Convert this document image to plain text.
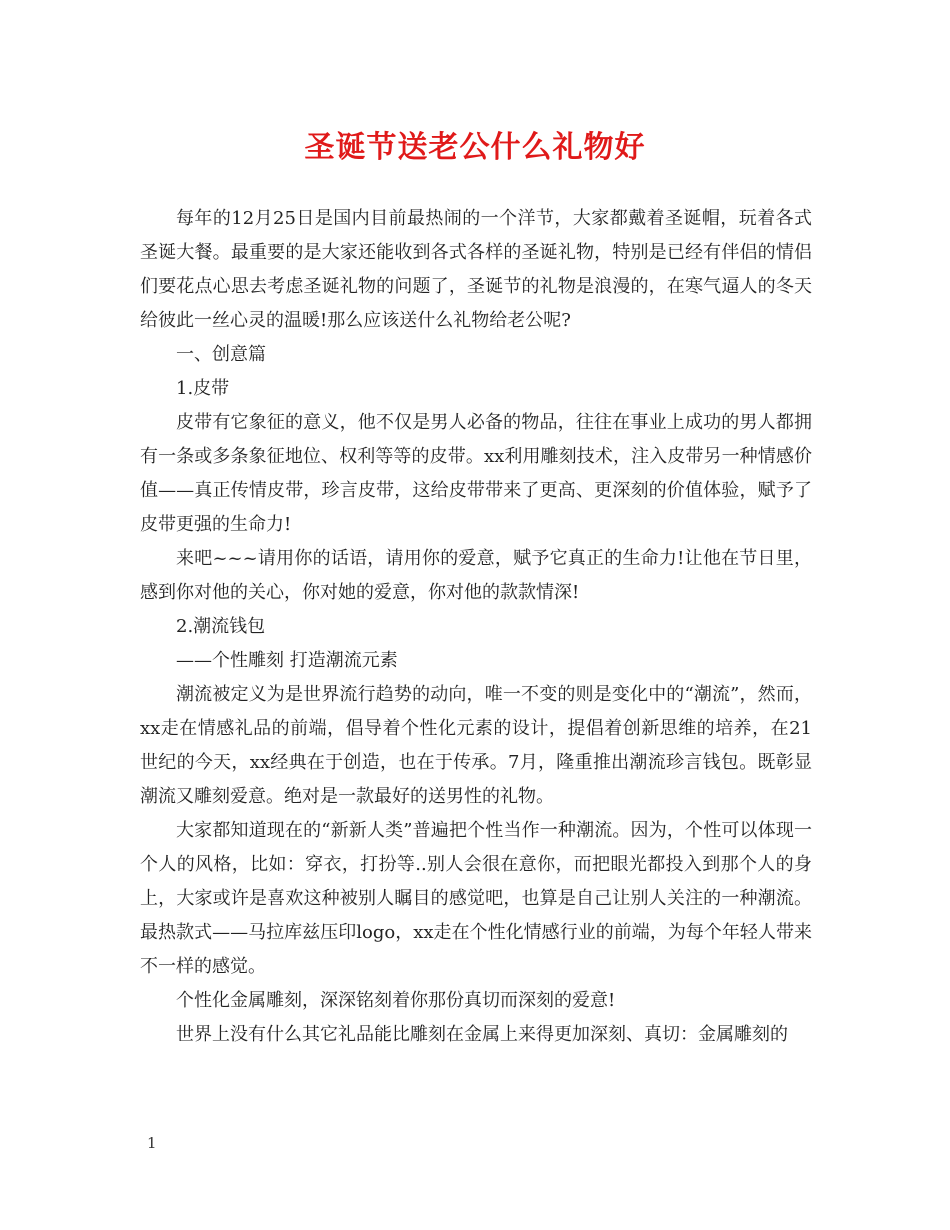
圣诞节送老公什么礼物好

每年的12月25日是国内目前最热闹的一个洋节，大家都戴着圣诞帽，玩着各式圣诞大餐。最重要的是大家还能收到各式各样的圣诞礼物，特别是已经有伴侣的情侣们要花点心思去考虑圣诞礼物的问题了，圣诞节的礼物是浪漫的，在寒气逼人的冬天给彼此一丝心灵的温暖!那么应该送什么礼物给老公呢?

一、创意篇

1.皮带

皮带有它象征的意义，他不仅是男人必备的物品，往往在事业上成功的男人都拥有一条或多条象征地位、权利等等的皮带。xx利用雕刻技术，注入皮带另一种情感价值——真正传情皮带，珍言皮带，这给皮带带来了更高、更深刻的价值体验，赋予了皮带更强的生命力!

来吧~~~请用你的话语，请用你的爱意，赋予它真正的生命力!让他在节日里，感到你对他的关心，你对她的爱意，你对他的款款情深!

2.潮流钱包

——个性雕刻 打造潮流元素

潮流被定义为是世界流行趋势的动向，唯一不变的则是变化中的“潮流”，然而，xx走在情感礼品的前端，倡导着个性化元素的设计，提倡着创新思维的培养，在21世纪的今天，xx经典在于创造，也在于传承。7月，隆重推出潮流珍言钱包。既彰显潮流又雕刻爱意。绝对是一款最好的送男性的礼物。

大家都知道现在的“新新人类”普遍把个性当作一种潮流。因为，个性可以体现一个人的风格，比如：穿衣，打扮等..别人会很在意你，而把眼光都投入到那个人的身上，大家或许是喜欢这种被别人瞩目的感觉吧，也算是自己让别人关注的一种潮流。最热款式——马拉库兹压印logo，xx走在个性化情感行业的前端，为每个年轻人带来不一样的感觉。

个性化金属雕刻，深深铭刻着你那份真切而深刻的爱意!

世界上没有什么其它礼品能比雕刻在金属上来得更加深刻、真切：金属雕刻的

1
